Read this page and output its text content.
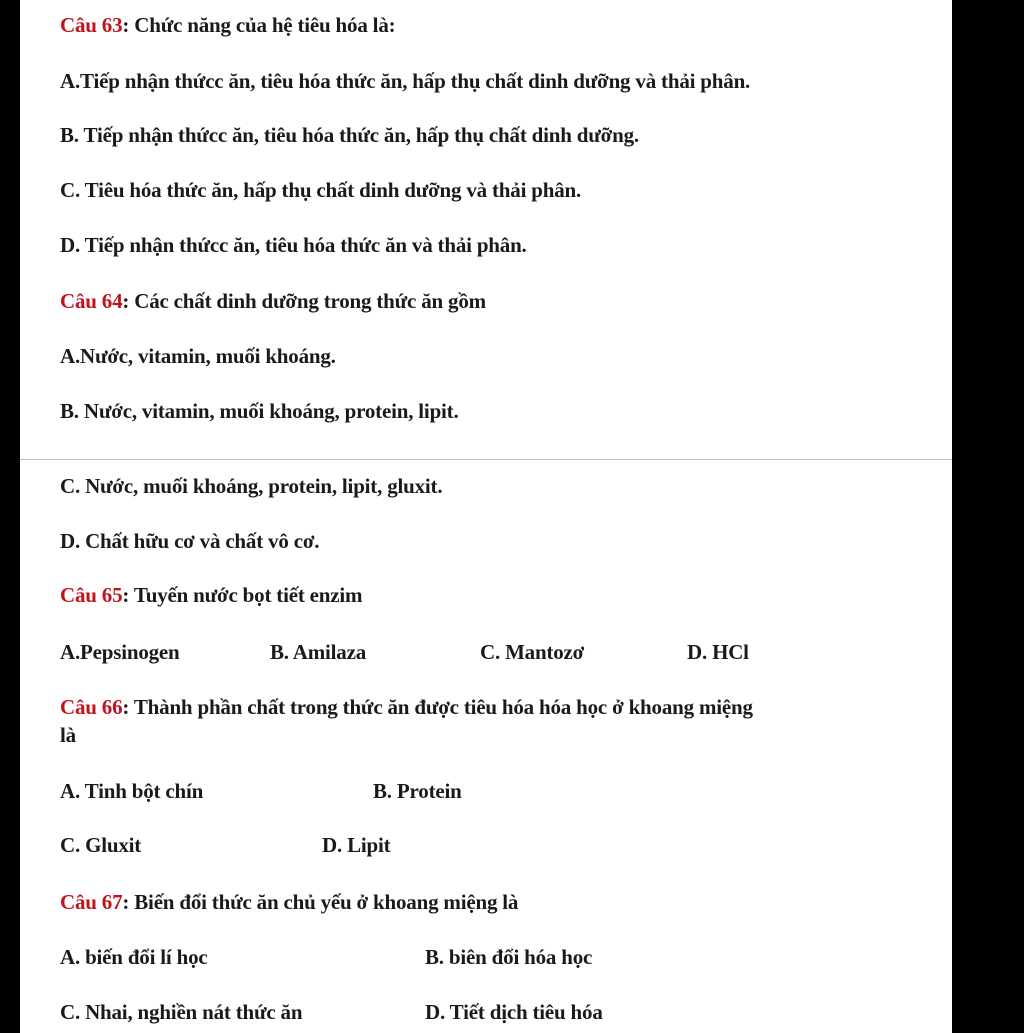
Câu 63: Chức năng của hệ tiêu hóa là:
A.Tiếp nhận thứcc ăn, tiêu hóa thức ăn, hấp thụ chất dinh dưỡng và thải phân.
B. Tiếp nhận thứcc ăn, tiêu hóa thức ăn, hấp thụ chất dinh dưỡng.
C. Tiêu hóa thức ăn, hấp thụ chất dinh dưỡng và thải phân.
D. Tiếp nhận thứcc ăn, tiêu hóa thức ăn và thải phân.
Câu 64: Các chất dinh dưỡng trong thức ăn gồm
A.Nước, vitamin, muối khoáng.
B. Nước, vitamin, muối khoáng, protein, lipit.
C. Nước, muối khoáng, protein, lipit, gluxit.
D. Chất hữu cơ và chất vô cơ.
Câu 65: Tuyến nước bọt tiết enzim
A.Pepsinogen	B. Amilaza	C. Mantozơ	D. HCl
Câu 66: Thành phần chất trong thức ăn được tiêu hóa hóa học ở khoang miệng
là
A. Tinh bột chín	B. Protein
C. Gluxit	D. Lipit
Câu 67: Biến đổi thức ăn chủ yếu ở khoang miệng là
A. biến đổi lí học	B. biên đổi hóa học
C. Nhai, nghiền nát thức ăn	D. Tiết dịch tiêu hóa
